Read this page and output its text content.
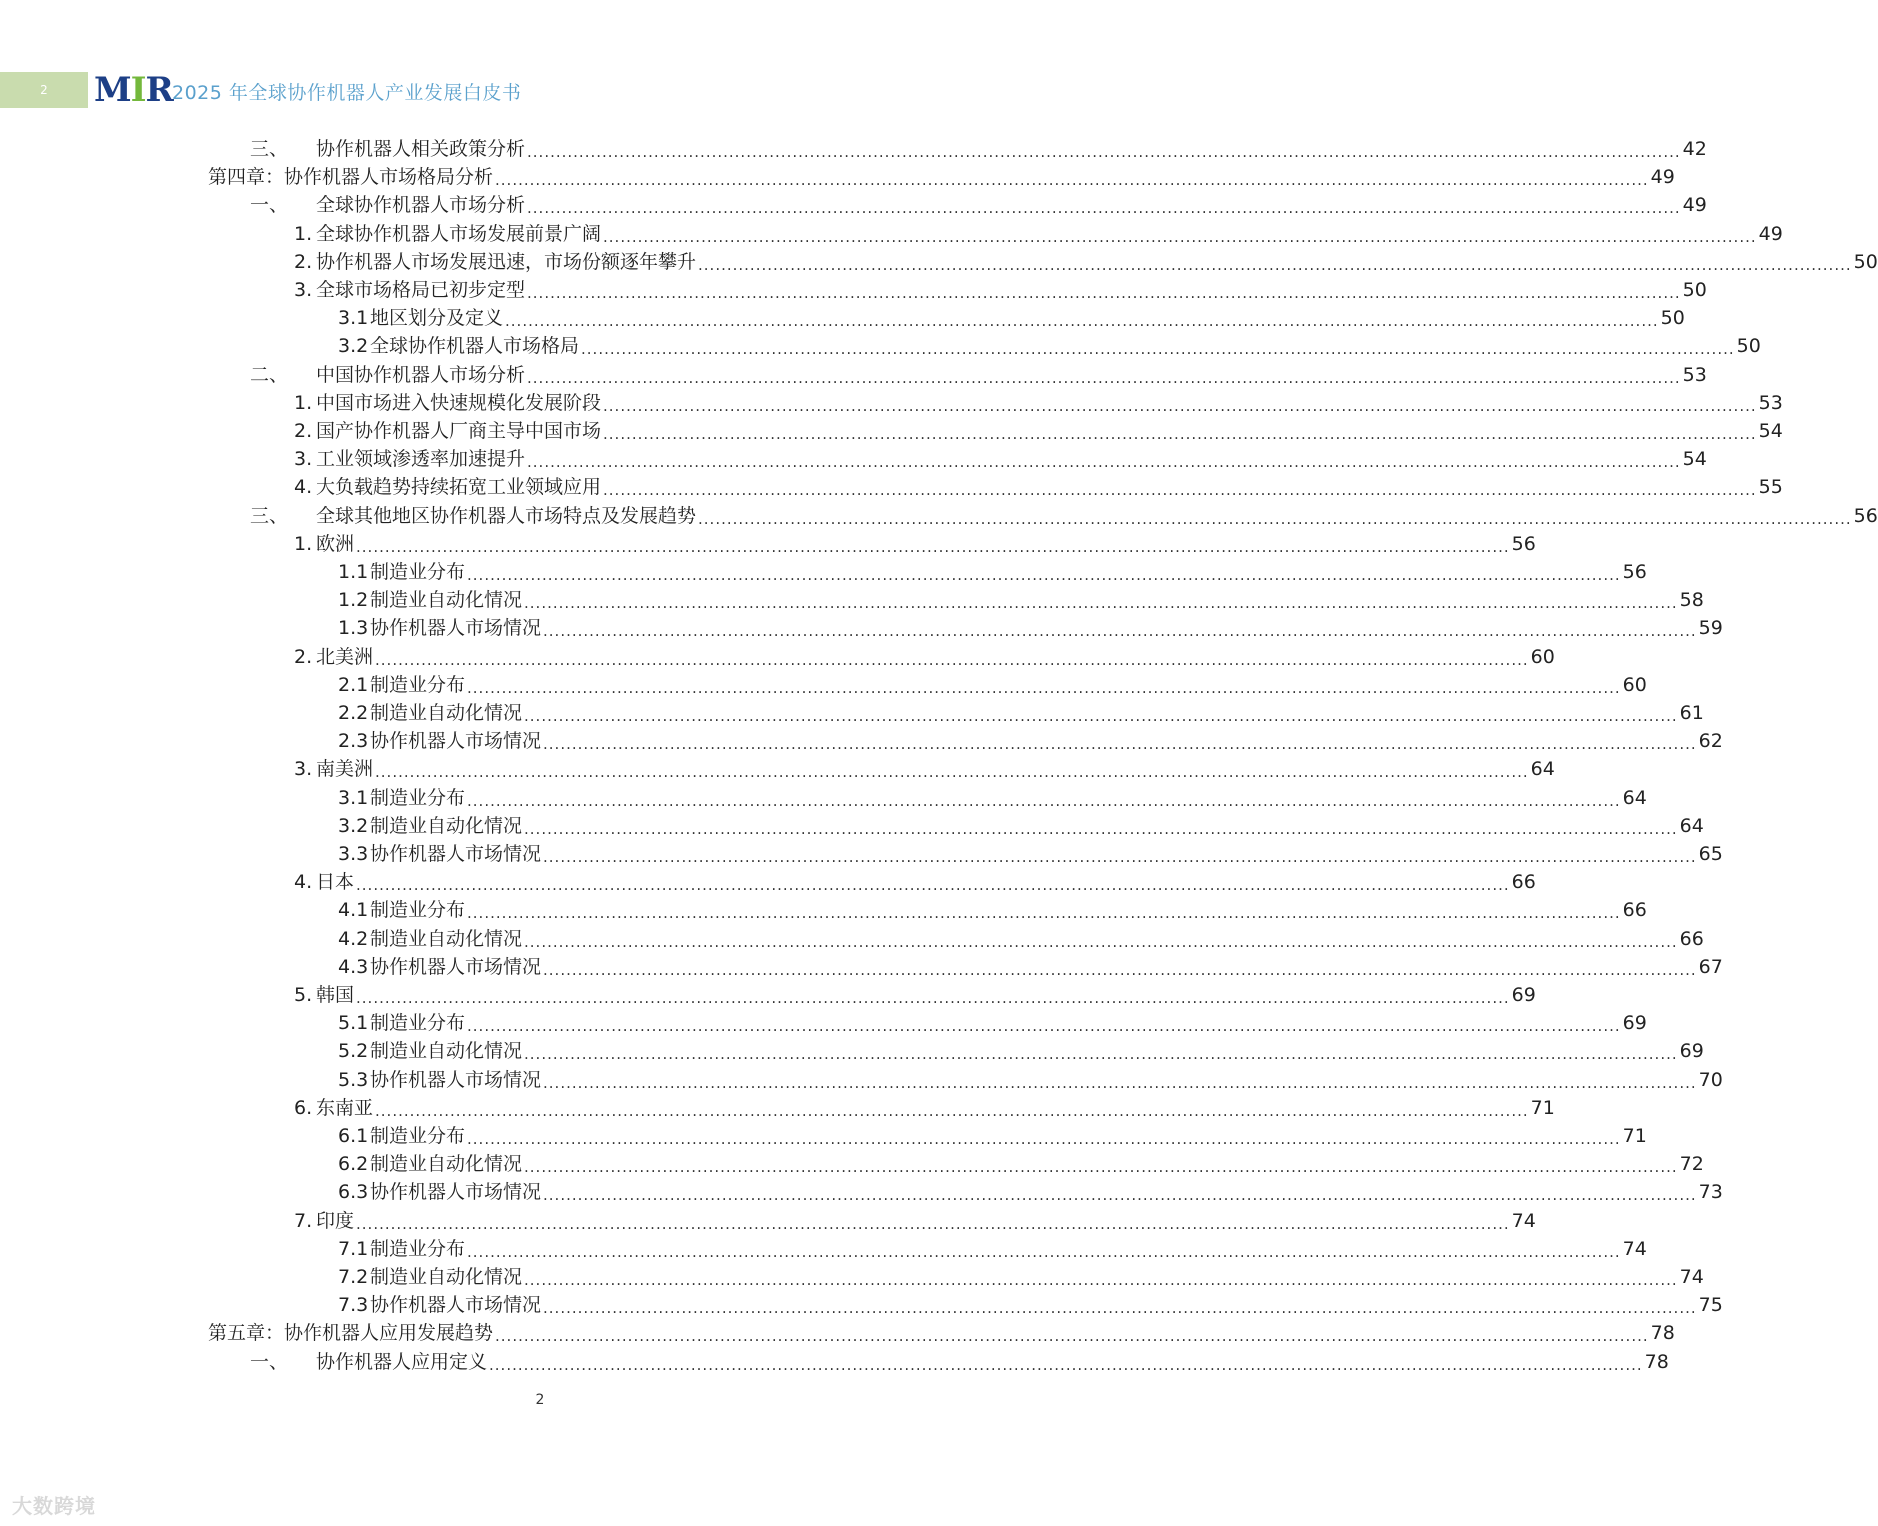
2 MIR 2025 年全球协作机器人产业发展白皮书
三、	协作机器人相关政策分析 ........................................................................................................................................................................................................ 42
第四章：协作机器人市场格局分析 ........................................................................................................................................................................................................ 49
一、	全球协作机器人市场分析 ........................................................................................................................................................................................................ 49
1. 全球协作机器人市场发展前景广阔 ........................................................................................................................................................................................................ 49
2. 协作机器人市场发展迅速，市场份额逐年攀升 ........................................................................................................................................................................................................ 50
3. 全球市场格局已初步定型 ........................................................................................................................................................................................................ 50
3.1 地区划分及定义 ........................................................................................................................................................................................................ 50
3.2 全球协作机器人市场格局 ........................................................................................................................................................................................................ 50
二、	中国协作机器人市场分析 ........................................................................................................................................................................................................ 53
1. 中国市场进入快速规模化发展阶段 ........................................................................................................................................................................................................ 53
2. 国产协作机器人厂商主导中国市场 ........................................................................................................................................................................................................ 54
3. 工业领域渗透率加速提升 ........................................................................................................................................................................................................ 54
4. 大负载趋势持续拓宽工业领域应用 ........................................................................................................................................................................................................ 55
三、	全球其他地区协作机器人市场特点及发展趋势 ........................................................................................................................................................................................................ 56
1. 欧洲 ........................................................................................................................................................................................................ 56
1.1 制造业分布 ........................................................................................................................................................................................................ 56
1.2 制造业自动化情况 ........................................................................................................................................................................................................ 58
1.3 协作机器人市场情况 ........................................................................................................................................................................................................ 59
2. 北美洲 ........................................................................................................................................................................................................ 60
2.1 制造业分布 ........................................................................................................................................................................................................ 60
2.2 制造业自动化情况 ........................................................................................................................................................................................................ 61
2.3 协作机器人市场情况 ........................................................................................................................................................................................................ 62
3. 南美洲 ........................................................................................................................................................................................................ 64
3.1 制造业分布 ........................................................................................................................................................................................................ 64
3.2 制造业自动化情况 ........................................................................................................................................................................................................ 64
3.3 协作机器人市场情况 ........................................................................................................................................................................................................ 65
4. 日本 ........................................................................................................................................................................................................ 66
4.1 制造业分布 ........................................................................................................................................................................................................ 66
4.2 制造业自动化情况 ........................................................................................................................................................................................................ 66
4.3 协作机器人市场情况 ........................................................................................................................................................................................................ 67
5. 韩国 ........................................................................................................................................................................................................ 69
5.1 制造业分布 ........................................................................................................................................................................................................ 69
5.2 制造业自动化情况 ........................................................................................................................................................................................................ 69
5.3 协作机器人市场情况 ........................................................................................................................................................................................................ 70
6. 东南亚 ........................................................................................................................................................................................................ 71
6.1 制造业分布 ........................................................................................................................................................................................................ 71
6.2 制造业自动化情况 ........................................................................................................................................................................................................ 72
6.3 协作机器人市场情况 ........................................................................................................................................................................................................ 73
7. 印度 ........................................................................................................................................................................................................ 74
7.1 制造业分布 ........................................................................................................................................................................................................ 74
7.2 制造业自动化情况 ........................................................................................................................................................................................................ 74
7.3 协作机器人市场情况 ........................................................................................................................................................................................................ 75
第五章：协作机器人应用发展趋势 ........................................................................................................................................................................................................ 78
一、	协作机器人应用定义 ........................................................................................................................................................................................................ 78
2
大数跨境
